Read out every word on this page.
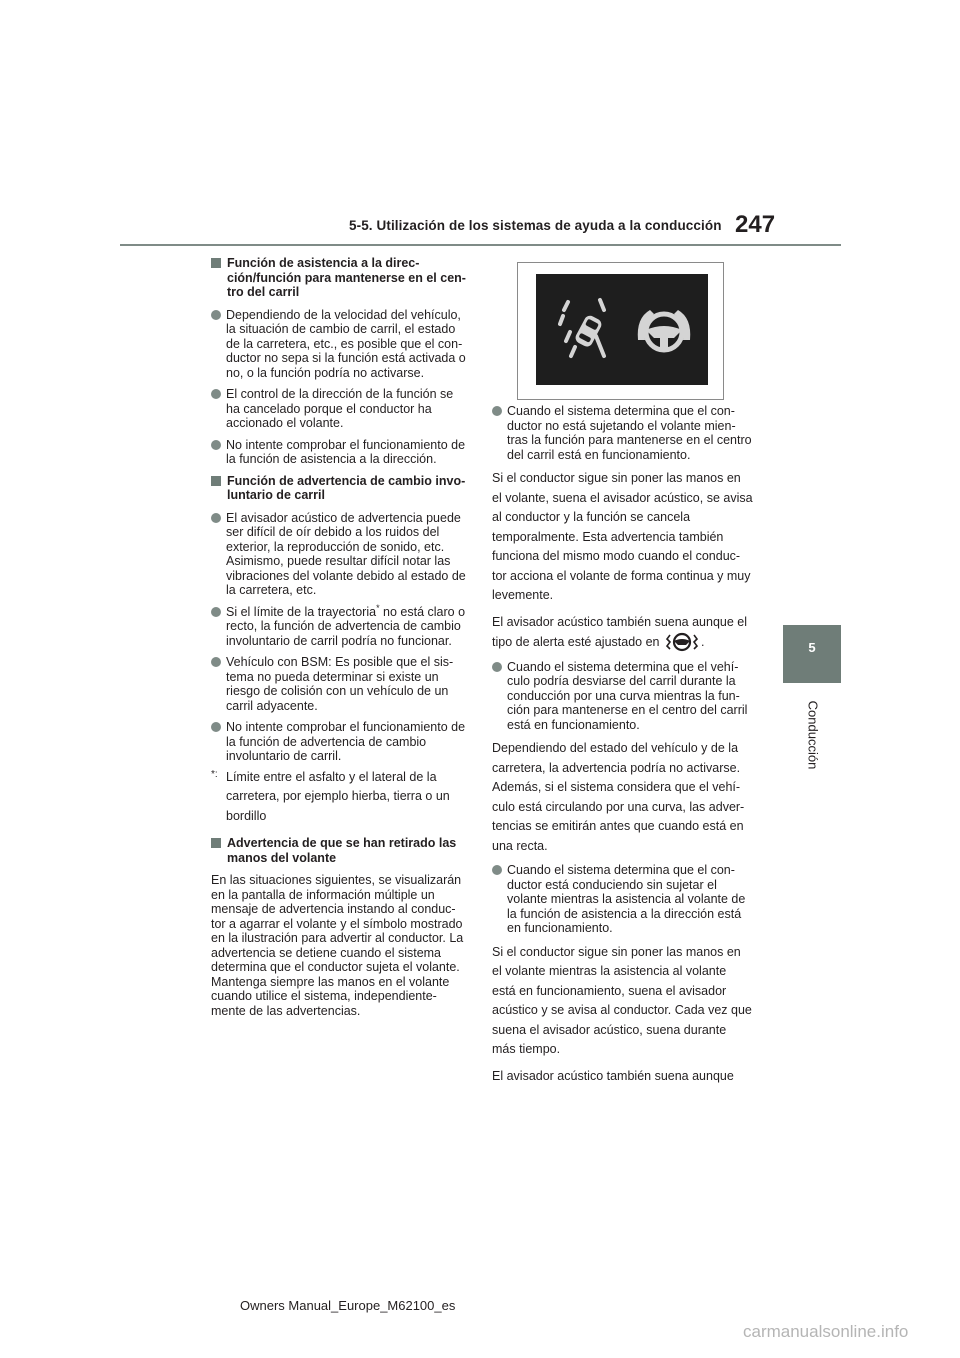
5-5. Utilización de los sistemas de ayuda a la conducción 247
5
Conducción
Función de asistencia a la direc-ción/función para mantenerse en el cen-tro del carril
Dependiendo de la velocidad del vehículo, la situación de cambio de carril, el estado de la carretera, etc., es posible que el con-ductor no sepa si la función está activada o no, o la función podría no activarse.
El control de la dirección de la función se ha cancelado porque el conductor ha accionado el volante.
No intente comprobar el funcionamiento de la función de asistencia a la dirección.
Función de advertencia de cambio invo-luntario de carril
El avisador acústico de advertencia puede ser difícil de oír debido a los ruidos del exterior, la reproducción de sonido, etc. Asimismo, puede resultar difícil notar las vibraciones del volante debido al estado de la carretera, etc.
Si el límite de la trayectoria* no está claro o recto, la función de advertencia de cambio involuntario de carril podría no funcionar.
Vehículo con BSM: Es posible que el sis-tema no pueda determinar si existe un riesgo de colisión con un vehículo de un carril adyacente.
No intente comprobar el funcionamiento de la función de advertencia de cambio involuntario de carril.
*: Límite entre el asfalto y el lateral de la carretera, por ejemplo hierba, tierra o un bordillo
Advertencia de que se han retirado las manos del volante
En las situaciones siguientes, se visualizarán en la pantalla de información múltiple un mensaje de advertencia instando al conduc-tor a agarrar el volante y el símbolo mostrado en la ilustración para advertir al conductor. La advertencia se detiene cuando el sistema determina que el conductor sujeta el volante. Mantenga siempre las manos en el volante cuando utilice el sistema, independiente-mente de las advertencias.
Cuando el sistema determina que el con-ductor no está sujetando el volante mien-tras la función para mantenerse en el centro del carril está en funcionamiento.
Si el conductor sigue sin poner las manos en el volante, suena el avisador acústico, se avisa al conductor y la función se cancela temporalmente. Esta advertencia también funciona del mismo modo cuando el conduc-tor acciona el volante de forma continua y muy levemente.
El avisador acústico también suena aunque el tipo de alerta esté ajustado en	.
Cuando el sistema determina que el vehí-culo podría desviarse del carril durante la conducción por una curva mientras la fun-ción para mantenerse en el centro del carril está en funcionamiento.
Dependiendo del estado del vehículo y de la carretera, la advertencia podría no activarse. Además, si el sistema considera que el vehí-culo está circulando por una curva, las adver-tencias se emitirán antes que cuando está en una recta.
Cuando el sistema determina que el con-ductor está conduciendo sin sujetar el volante mientras la asistencia al volante de la función de asistencia a la dirección está en funcionamiento.
Si el conductor sigue sin poner las manos en el volante mientras la asistencia al volante está en funcionamiento, suena el avisador acústico y se avisa al conductor. Cada vez que suena el avisador acústico, suena durante más tiempo.
El avisador acústico también suena aunque
Owners Manual_Europe_M62100_es
carmanualsonline.info
